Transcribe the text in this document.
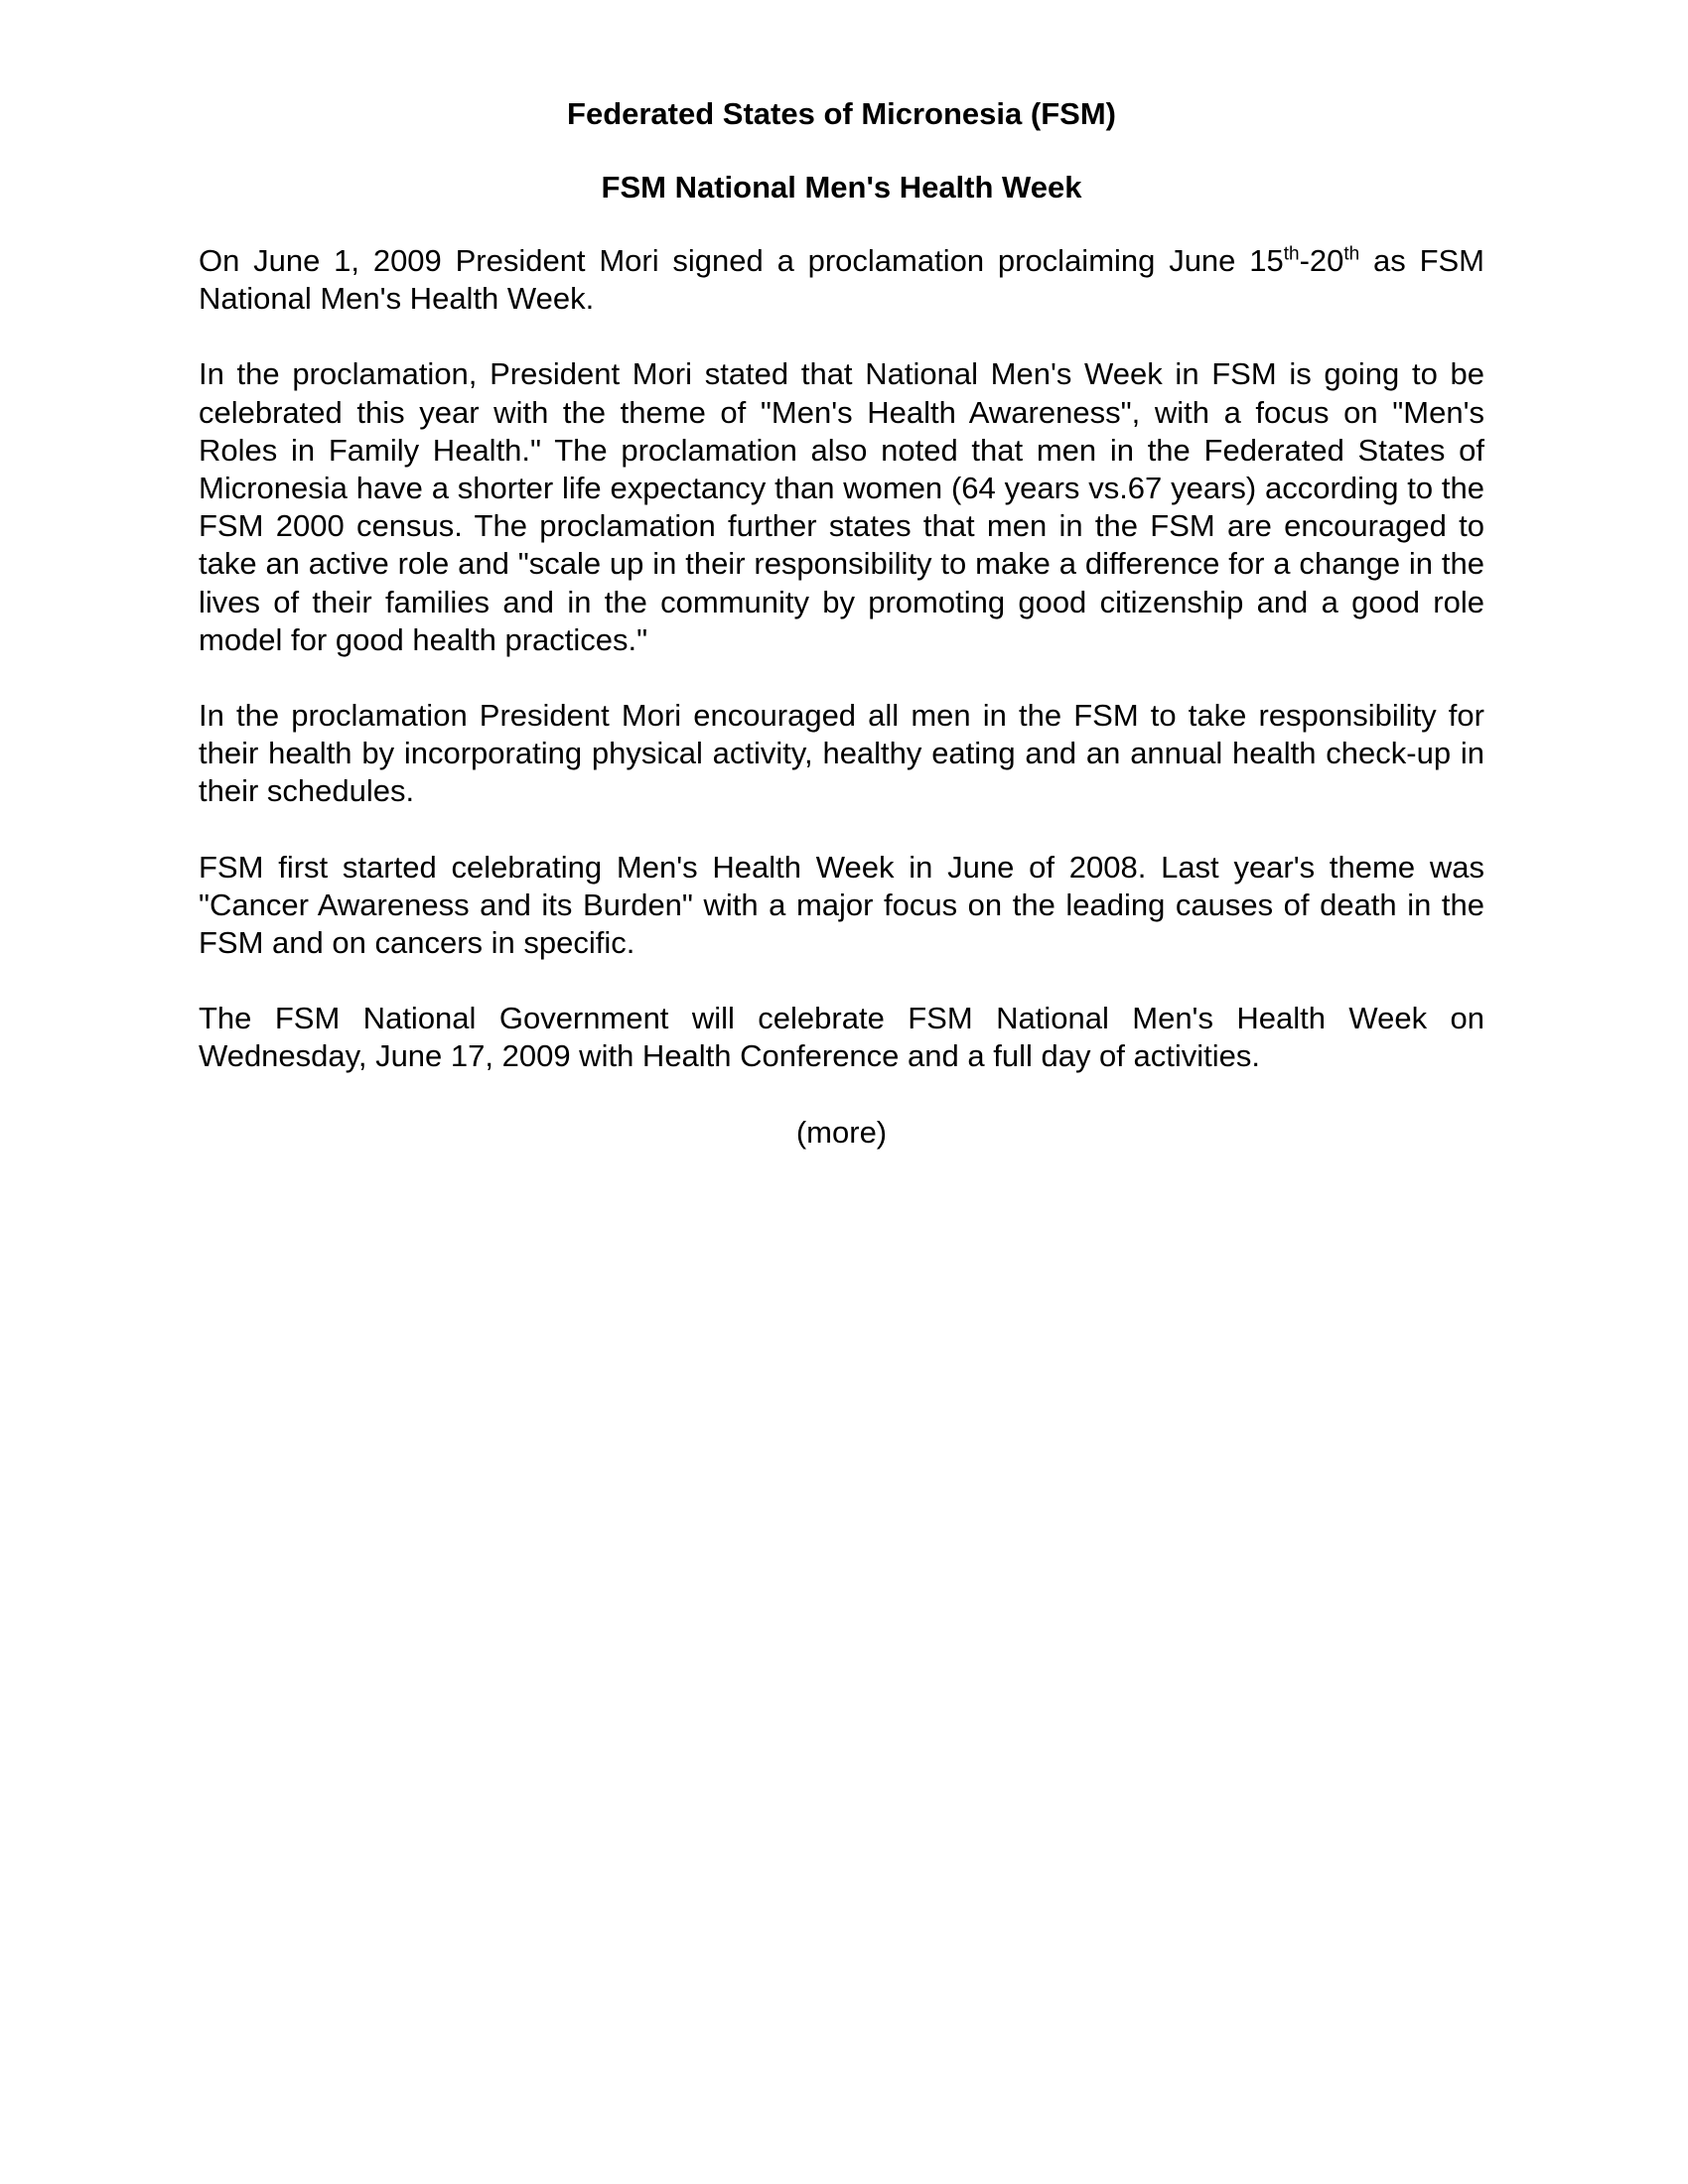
Federated States of Micronesia (FSM)

FSM National Men's Health Week

On June 1, 2009 President Mori signed a proclamation proclaiming June 15th-20th as FSM National Men's Health Week.

In the proclamation, President Mori stated that National Men's Week in FSM is going to be celebrated this year with the theme of "Men's Health Awareness", with a focus on "Men's Roles in Family Health." The proclamation also noted that men in the Federated States of Micronesia have a shorter life expectancy than women (64 years vs.67 years) according to the FSM 2000 census. The proclamation further states that men in the FSM are encouraged to take an active role and "scale up in their responsibility to make a difference for a change in the lives of their families and in the community by promoting good citizenship and a good role model for good health practices."

In the proclamation President Mori encouraged all men in the FSM to take responsibility for their health by incorporating physical activity, healthy eating and an annual health check-up in their schedules.

FSM first started celebrating Men's Health Week in June of 2008. Last year's theme was "Cancer Awareness and its Burden" with a major focus on the leading causes of death in the FSM and on cancers in specific.

The FSM National Government will celebrate FSM National Men's Health Week on Wednesday, June 17, 2009 with Health Conference and a full day of activities.

(more)
